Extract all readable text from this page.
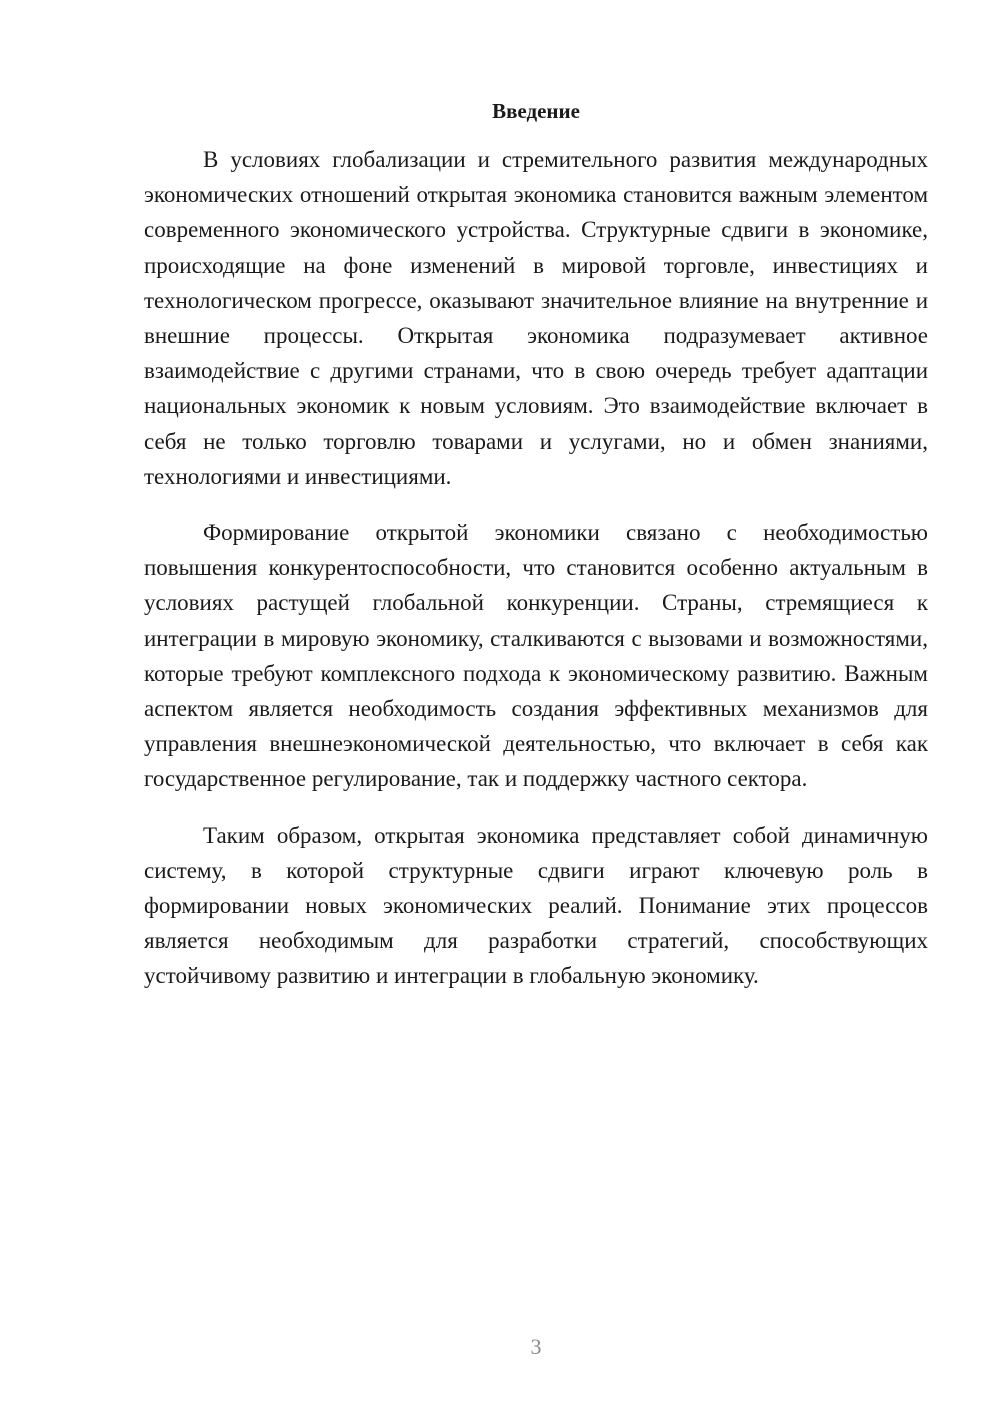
Введение

В условиях глобализации и стремительного развития международных экономических отношений открытая экономика становится важным элементом современного экономического устройства. Структурные сдвиги в экономике, происходящие на фоне изменений в мировой торговле, инвестициях и технологическом прогрессе, оказывают значительное влияние на внутренние и внешние процессы. Открытая экономика подразумевает активное взаимодействие с другими странами, что в свою очередь требует адаптации национальных экономик к новым условиям. Это взаимодействие включает в себя не только торговлю товарами и услугами, но и обмен знаниями, технологиями и инвестициями.

Формирование открытой экономики связано с необходимостью повышения конкурентоспособности, что становится особенно актуальным в условиях растущей глобальной конкуренции. Страны, стремящиеся к интеграции в мировую экономику, сталкиваются с вызовами и возможностями, которые требуют комплексного подхода к экономическому развитию. Важным аспектом является необходимость создания эффективных механизмов для управления внешнеэкономической деятельностью, что включает в себя как государственное регулирование, так и поддержку частного сектора.

Таким образом, открытая экономика представляет собой динамичную систему, в которой структурные сдвиги играют ключевую роль в формировании новых экономических реалий. Понимание этих процессов является необходимым для разработки стратегий, способствующих устойчивому развитию и интеграции в глобальную экономику.

3
